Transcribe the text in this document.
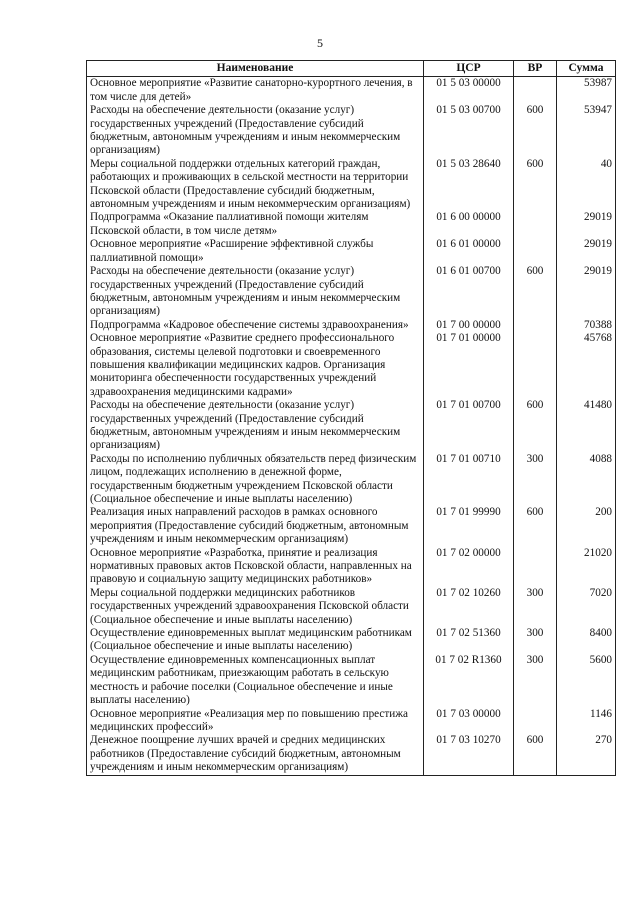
5
Наименование	ЦСР	ВР	Сумма
Основное мероприятие «Развитие санаторно-курортного лечения, в том числе для детей»	01 5 03 00000		53987
Расходы на обеспечение деятельности (оказание услуг) государственных учреждений (Предоставление субсидий бюджетным, автономным учреждениям и иным некоммерческим организациям)	01 5 03 00700	600	53947
Меры социальной поддержки отдельных категорий граждан, работающих и проживающих в сельской местности на территории Псковской области (Предоставление субсидий бюджетным, автономным учреждениям и иным некоммерческим организациям)	01 5 03 28640	600	40
Подпрограмма «Оказание паллиативной помощи жителям Псковской области, в том числе детям»	01 6 00 00000		29019
Основное мероприятие «Расширение эффективной службы паллиативной помощи»	01 6 01 00000		29019
Расходы на обеспечение деятельности (оказание услуг) государственных учреждений (Предоставление субсидий бюджетным, автономным учреждениям и иным некоммерческим организациям)	01 6 01 00700	600	29019
Подпрограмма «Кадровое обеспечение системы здравоохранения»	01 7 00 00000		70388
Основное мероприятие «Развитие среднего профессионального образования, системы целевой подготовки и своевременного повышения квалификации медицинских кадров. Организация мониторинга обеспеченности государственных учреждений здравоохранения медицинскими кадрами»	01 7 01 00000		45768
Расходы на обеспечение деятельности (оказание услуг) государственных учреждений (Предоставление субсидий бюджетным, автономным учреждениям и иным некоммерческим организациям)	01 7 01 00700	600	41480
Расходы по исполнению публичных обязательств перед физическим лицом, подлежащих исполнению в денежной форме, государственным бюджетным учреждением Псковской области (Социальное обеспечение и иные выплаты населению)	01 7 01 00710	300	4088
Реализация иных направлений расходов в рамках основного мероприятия (Предоставление субсидий бюджетным, автономным учреждениям и иным некоммерческим организациям)	01 7 01 99990	600	200
Основное мероприятие «Разработка, принятие и реализация нормативных правовых актов Псковской области, направленных на правовую и социальную защиту медицинских работников»	01 7 02 00000		21020
Меры социальной поддержки медицинских работников государственных учреждений здравоохранения Псковской области (Социальное обеспечение и иные выплаты населению)	01 7 02 10260	300	7020
Осуществление единовременных выплат медицинским работникам (Социальное обеспечение и иные выплаты населению)	01 7 02 51360	300	8400
Осуществление единовременных компенсационных выплат медицинским работникам, приезжающим работать в сельскую местность и рабочие поселки (Социальное обеспечение и иные выплаты населению)	01 7 02 R1360	300	5600
Основное мероприятие «Реализация мер по повышению престижа медицинских профессий»	01 7 03 00000		1146
Денежное поощрение лучших врачей и средних медицинских работников (Предоставление субсидий бюджетным, автономным учреждениям и иным некоммерческим организациям)	01 7 03 10270	600	270
